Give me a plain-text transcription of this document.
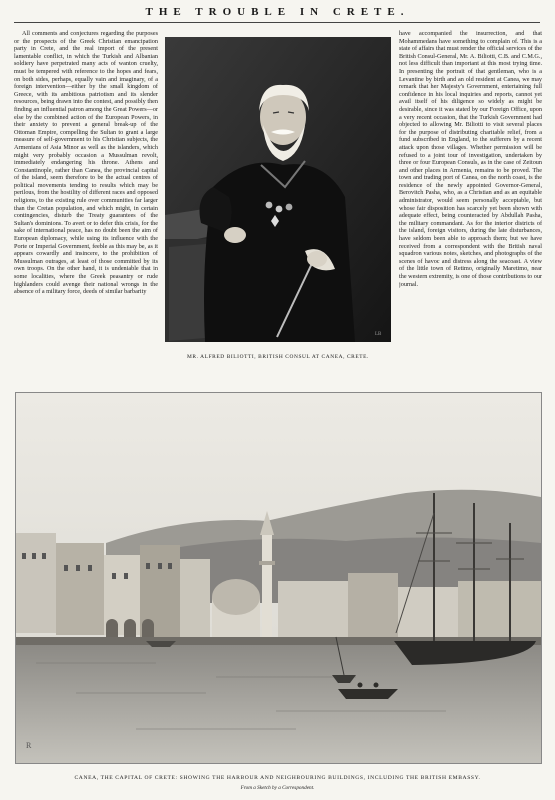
THE TROUBLE IN CRETE.
All comments and conjectures regarding the purposes or the prospects of the Greek Christian emancipation party in Crete, and the real import of the present lamentable conflict, in which the Turkish and Albanian soldiery have perpetrated many acts of wanton cruelty, must be tempered with reference to the hopes and fears, on both sides, perhaps, equally vain and imaginary, of a foreign intervention—either by the small kingdom of Greece, with its ambitious patriotism and its slender resources, being drawn into the contest, and possibly then finding an influential patron among the Great Powers—or else by the combined action of the European Powers, in their anxiety to prevent a general break-up of the Ottoman Empire, compelling the Sultan to grant a large measure of self-government to his Christian subjects, the Armenians of Asia Minor as well as the islanders, which might very probably occasion a Mussulman revolt, immediately endangering his throne. Athens and Constantinople, rather than Canea, the provincial capital of the island, seem therefore to be the actual centres of political movements tending to results which may be perilous, from the hostility of different races and opposed religions, to the existing rule over communities far larger than the Cretan population, and which might, in certain contingencies, disturb the Treaty guarantees of the Sultan's dominions. To avert or to defer this crisis, for the sake of international peace, has no doubt been the aim of European diplomacy, while using its influence with the Porte or Imperial Government, feeble as this may be, as it appears cowardly and insincere, to the prohibition of Mussulman outrages, at least of those committed by its own troops. On the other hand, it is undeniable that in some localities, where the Greek peasantry or rude highlanders could avenge their national wrongs in the absence of a military force, deeds of similar barbarity
LB
MR. ALFRED BILIOTTI, BRITISH CONSUL AT CANEA, CRETE.
have accompanied the insurrection, and that Mohammedans have something to complain of. This is a state of affairs that must render the official services of the British Consul-General, Mr. A. Biliotti, C.B. and C.M.G., not less difficult than important at this most trying time. In presenting the portrait of that gentleman, who is a Levantine by birth and an old resident at Canea, we may remark that her Majesty's Government, entertaining full confidence in his local inquiries and reports, cannot yet avail itself of his diligence so widely as might be desirable, since it was stated by our Foreign Office, upon a very recent occasion, that the Turkish Government had objected to allowing Mr. Biliotti to visit several places for the purpose of distributing charitable relief, from a fund subscribed in England, to the sufferers by a recent attack upon those villages. Whether permission will be refused to a joint tour of investigation, undertaken by three or four European Consuls, as in the case of Zeitoun and other places in Armenia, remains to be proved. The town and trading port of Canea, on the north coast, is the residence of the newly appointed Governor-General, Berovitch Pasha, who, as a Christian and as an equitable administrator, would seem personally acceptable, but whose fair disposition has scarcely yet been shown with adequate effect, being counteracted by Abdullah Pasha, the military commandant. As for the interior districts of the island, foreign visitors, during the late disturbances, have seldom been able to approach them; but we have received from a correspondent with the British naval squadron various notes, sketches, and photographs of the scenes of havoc and distress along the seacoast. A view of the little town of Retimo, originally Maretimo, near the western extremity, is one of those contributions to our journal.
R
CANEA, THE CAPITAL OF CRETE: SHOWING THE HARBOUR AND NEIGHBOURING BUILDINGS, INCLUDING THE BRITISH EMBASSY.
From a Sketch by a Correspondent.
